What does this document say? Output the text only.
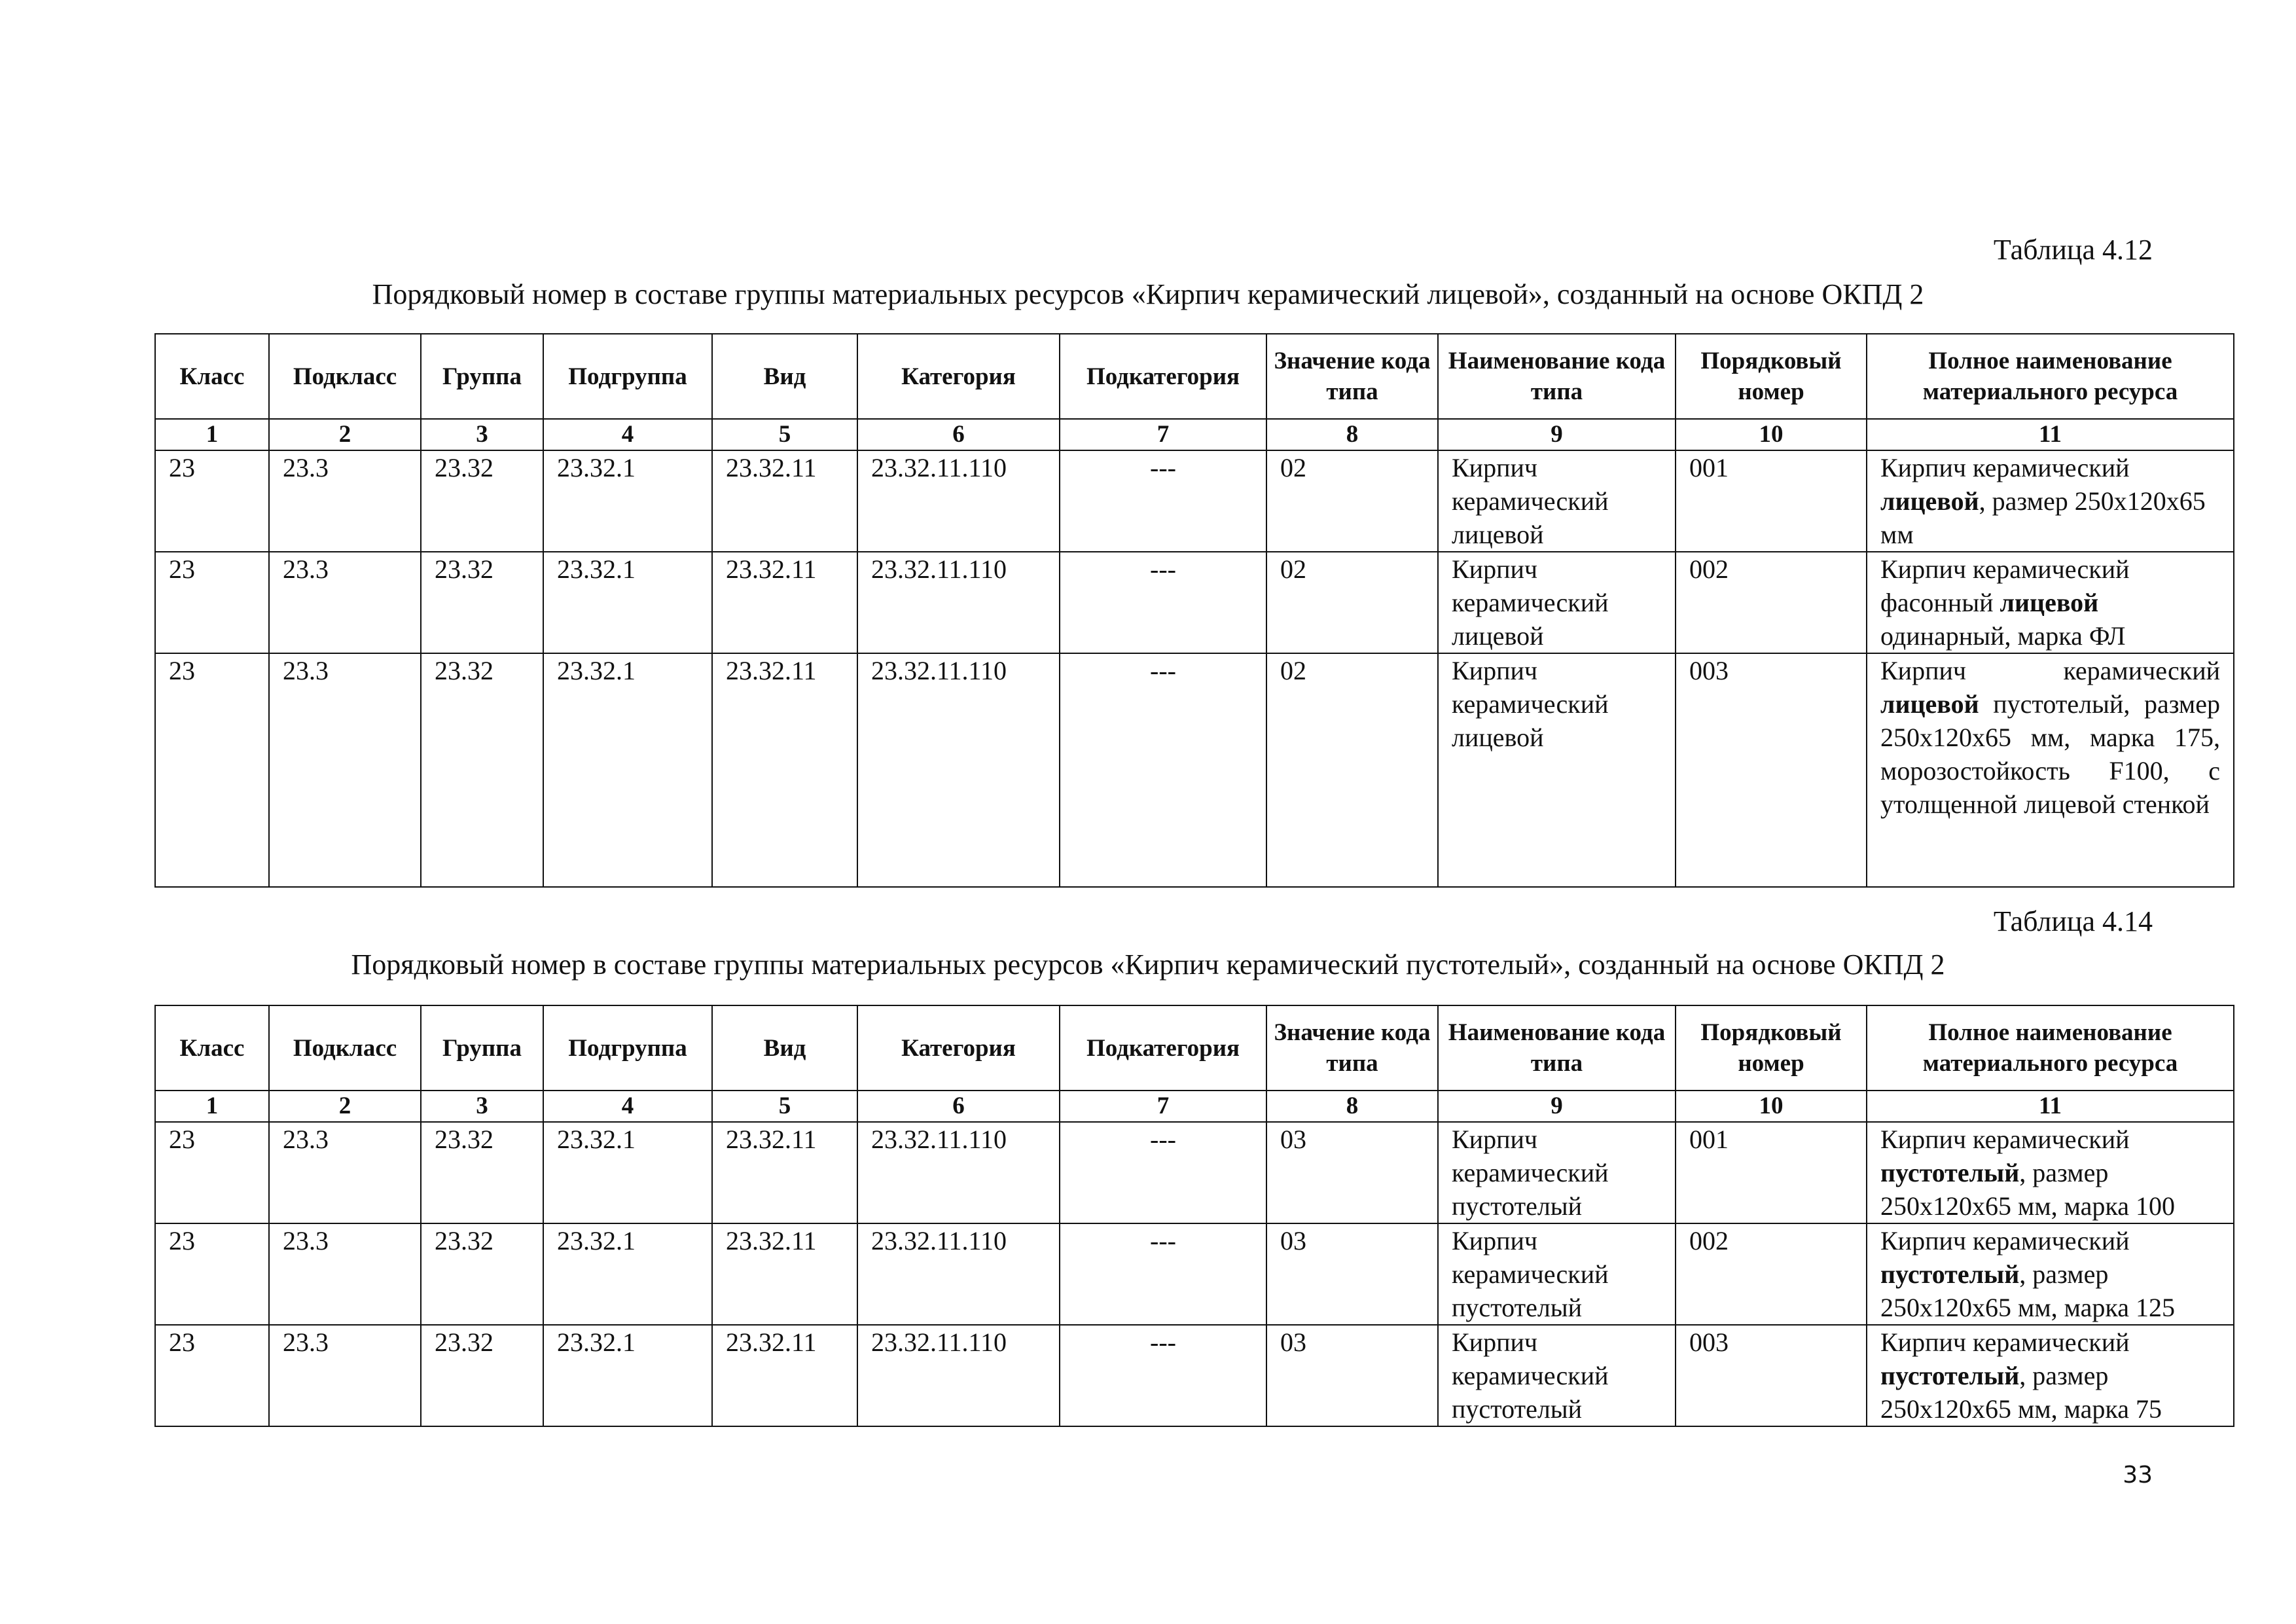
Таблица 4.12
Порядковый номер в составе группы материальных ресурсов «Кирпич керамический лицевой», созданный на основе ОКПД 2
Класс	Подкласс	Группа	Подгруппа	Вид	Категория	Подкатегория	Значение кода типа	Наименование кода типа	Порядковый номер	Полное наименование материального ресурса
1	2	3	4	5	6	7	8	9	10	11
23	23.3	23.32	23.32.1	23.32.11	23.32.11.110	---	02	Кирпич керамический лицевой	001	Кирпич керамический лицевой, размер 250х120х65 мм
23	23.3	23.32	23.32.1	23.32.11	23.32.11.110	---	02	Кирпич керамический лицевой	002	Кирпич керамический фасонный лицевой одинарный, марка ФЛ
23	23.3	23.32	23.32.1	23.32.11	23.32.11.110	---	02	Кирпич керамический лицевой	003	Кирпич керамический лицевой пустотелый, размер 250х120х65 мм, марка 175, морозостойкость F100, с утолщенной лицевой стенкой
Таблица 4.14
Порядковый номер в составе группы материальных ресурсов «Кирпич керамический пустотелый», созданный на основе ОКПД 2
Класс	Подкласс	Группа	Подгруппа	Вид	Категория	Подкатегория	Значение кода типа	Наименование кода типа	Порядковый номер	Полное наименование материального ресурса
1	2	3	4	5	6	7	8	9	10	11
23	23.3	23.32	23.32.1	23.32.11	23.32.11.110	---	03	Кирпич керамический пустотелый	001	Кирпич керамический пустотелый, размер 250х120х65 мм, марка 100
23	23.3	23.32	23.32.1	23.32.11	23.32.11.110	---	03	Кирпич керамический пустотелый	002	Кирпич керамический пустотелый, размер 250х120х65 мм, марка 125
23	23.3	23.32	23.32.1	23.32.11	23.32.11.110	---	03	Кирпич керамический пустотелый	003	Кирпич керамический пустотелый, размер 250х120х65 мм, марка 75
33
